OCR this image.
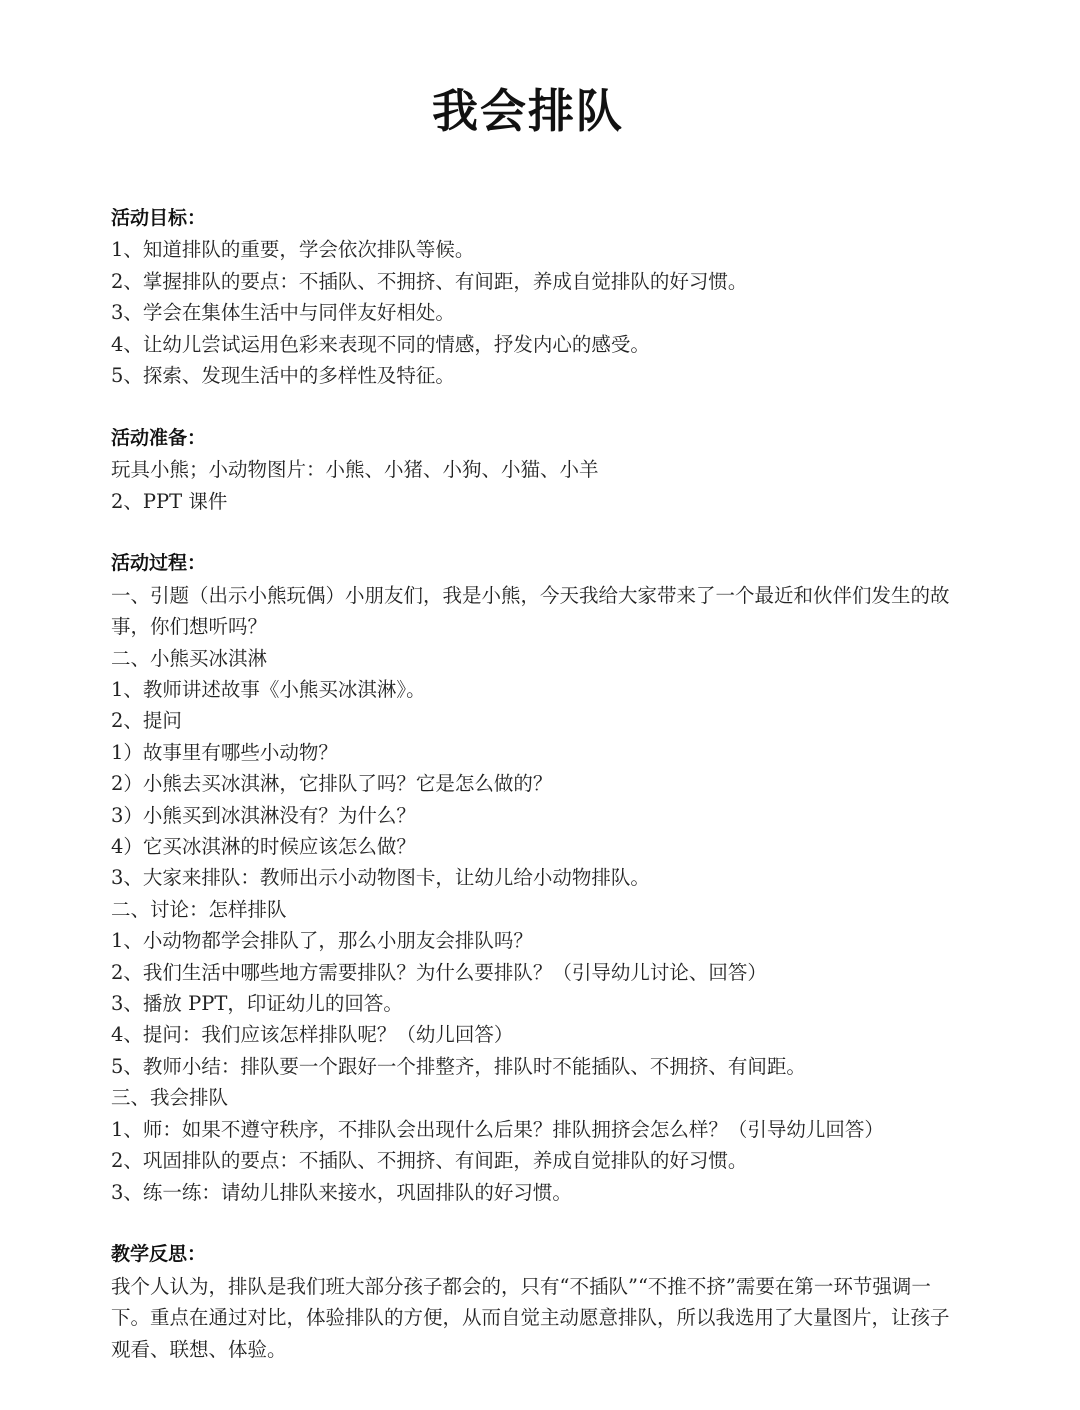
我会排队
活动目标：
1、知道排队的重要，学会依次排队等候。
2、掌握排队的要点：不插队、不拥挤、有间距，养成自觉排队的好习惯。
3、学会在集体生活中与同伴友好相处。
4、让幼儿尝试运用色彩来表现不同的情感，抒发内心的感受。
5、探索、发现生活中的多样性及特征。
活动准备：
玩具小熊；小动物图片：小熊、小猪、小狗、小猫、小羊
2、PPT 课件
活动过程：
一、引题（出示小熊玩偶）小朋友们，我是小熊，今天我给大家带来了一个最近和伙伴们发生的故事，你们想听吗？
二、小熊买冰淇淋
1、教师讲述故事《小熊买冰淇淋》。
2、提问
1）故事里有哪些小动物？
2）小熊去买冰淇淋，它排队了吗？它是怎么做的？
3）小熊买到冰淇淋没有？为什么？
4）它买冰淇淋的时候应该怎么做？
3、大家来排队：教师出示小动物图卡，让幼儿给小动物排队。
二、讨论：怎样排队
1、小动物都学会排队了，那么小朋友会排队吗？
2、我们生活中哪些地方需要排队？为什么要排队？（引导幼儿讨论、回答）
3、播放 PPT，印证幼儿的回答。
4、提问：我们应该怎样排队呢？（幼儿回答）
5、教师小结：排队要一个跟好一个排整齐，排队时不能插队、不拥挤、有间距。
三、我会排队
1、师：如果不遵守秩序，不排队会出现什么后果？排队拥挤会怎么样？（引导幼儿回答）
2、巩固排队的要点：不插队、不拥挤、有间距，养成自觉排队的好习惯。
3、练一练：请幼儿排队来接水，巩固排队的好习惯。
教学反思：
我个人认为，排队是我们班大部分孩子都会的，只有“不插队”“不推不挤”需要在第一环节强调一下。重点在通过对比，体验排队的方便，从而自觉主动愿意排队，所以我选用了大量图片，让孩子观看、联想、体验。
